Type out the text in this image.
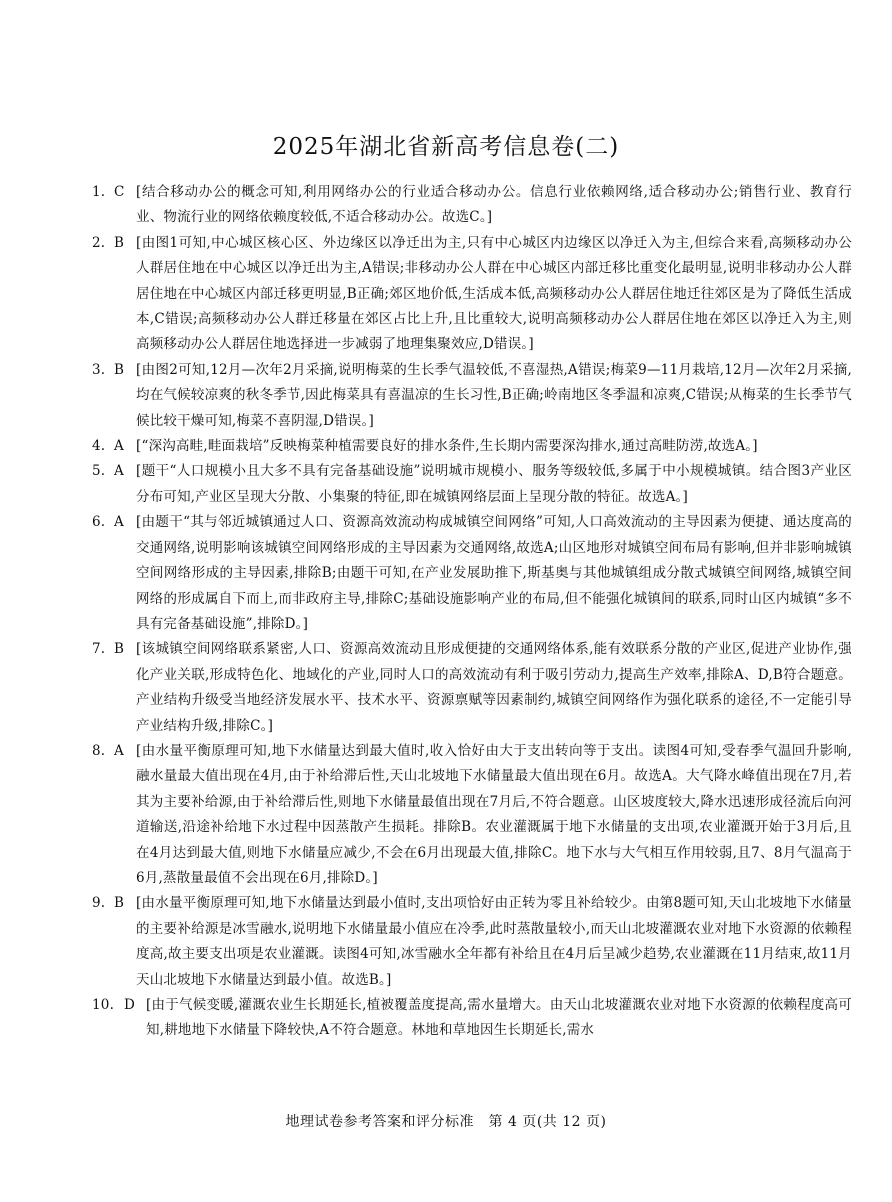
2025年湖北省新高考信息卷(二)
1. C [结合移动办公的概念可知,利用网络办公的行业适合移动办公。信息行业依赖网络,适合移动办公;销售行业、教育行业、物流行业的网络依赖度较低,不适合移动办公。故选C。]
2. B [由图1可知,中心城区核心区、外边缘区以净迁出为主,只有中心城区内边缘区以净迁入为主,但综合来看,高频移动办公人群居住地在中心城区以净迁出为主,A错误;非移动办公人群在中心城区内部迁移比重变化最明显,说明非移动办公人群居住地在中心城区内部迁移更明显,B正确;郊区地价低,生活成本低,高频移动办公人群居住地迁往郊区是为了降低生活成本,C错误;高频移动办公人群迁移量在郊区占比上升,且比重较大,说明高频移动办公人群居住地在郊区以净迁入为主,则高频移动办公人群居住地选择进一步减弱了地理集聚效应,D错误。]
3. B [由图2可知,12月—次年2月采摘,说明梅菜的生长季气温较低,不喜湿热,A错误;梅菜9—11月栽培,12月—次年2月采摘,均在气候较凉爽的秋冬季节,因此梅菜具有喜温凉的生长习性,B正确;岭南地区冬季温和凉爽,C错误;从梅菜的生长季节气候比较干燥可知,梅菜不喜阴湿,D错误。]
4. A [“深沟高畦,畦面栽培”反映梅菜种植需要良好的排水条件,生长期内需要深沟排水,通过高畦防涝,故选A。]
5. A [题干“人口规模小且大多不具有完备基础设施”说明城市规模小、服务等级较低,多属于中小规模城镇。结合图3产业区分布可知,产业区呈现大分散、小集聚的特征,即在城镇网络层面上呈现分散的特征。故选A。]
6. A [由题干“其与邻近城镇通过人口、资源高效流动构成城镇空间网络”可知,人口高效流动的主导因素为便捷、通达度高的交通网络,说明影响该城镇空间网络形成的主导因素为交通网络,故选A;山区地形对城镇空间布局有影响,但并非影响城镇空间网络形成的主导因素,排除B;由题干可知,在产业发展助推下,斯基奥与其他城镇组成分散式城镇空间网络,城镇空间网络的形成属自下而上,而非政府主导,排除C;基础设施影响产业的布局,但不能强化城镇间的联系,同时山区内城镇“多不具有完备基础设施”,排除D。]
7. B [该城镇空间网络联系紧密,人口、资源高效流动且形成便捷的交通网络体系,能有效联系分散的产业区,促进产业协作,强化产业关联,形成特色化、地域化的产业,同时人口的高效流动有利于吸引劳动力,提高生产效率,排除A、D,B符合题意。产业结构升级受当地经济发展水平、技术水平、资源禀赋等因素制约,城镇空间网络作为强化联系的途径,不一定能引导产业结构升级,排除C。]
8. A [由水量平衡原理可知,地下水储量达到最大值时,收入恰好由大于支出转向等于支出。读图4可知,受春季气温回升影响,融水量最大值出现在4月,由于补给滞后性,天山北坡地下水储量最大值出现在6月。故选A。大气降水峰值出现在7月,若其为主要补给源,由于补给滞后性,则地下水储量最值出现在7月后,不符合题意。山区坡度较大,降水迅速形成径流后向河道输送,沿途补给地下水过程中因蒸散产生损耗。排除B。农业灌溉属于地下水储量的支出项,农业灌溉开始于3月后,且在4月达到最大值,则地下水储量应减少,不会在6月出现最大值,排除C。地下水与大气相互作用较弱,且7、8月气温高于6月,蒸散量最值不会出现在6月,排除D。]
9. B [由水量平衡原理可知,地下水储量达到最小值时,支出项恰好由正转为零且补给较少。由第8题可知,天山北坡地下水储量的主要补给源是冰雪融水,说明地下水储量最小值应在冷季,此时蒸散量较小,而天山北坡灌溉农业对地下水资源的依赖程度高,故主要支出项是农业灌溉。读图4可知,冰雪融水全年都有补给且在4月后呈减少趋势,农业灌溉在11月结束,故11月天山北坡地下水储量达到最小值。故选B。]
10. D [由于气候变暖,灌溉农业生长期延长,植被覆盖度提高,需水量增大。由天山北坡灌溉农业对地下水资源的依赖程度高可知,耕地地下水储量下降较快,A不符合题意。林地和草地因生长期延长,需水
地理试卷参考答案和评分标准　第 4 页(共 12 页)
